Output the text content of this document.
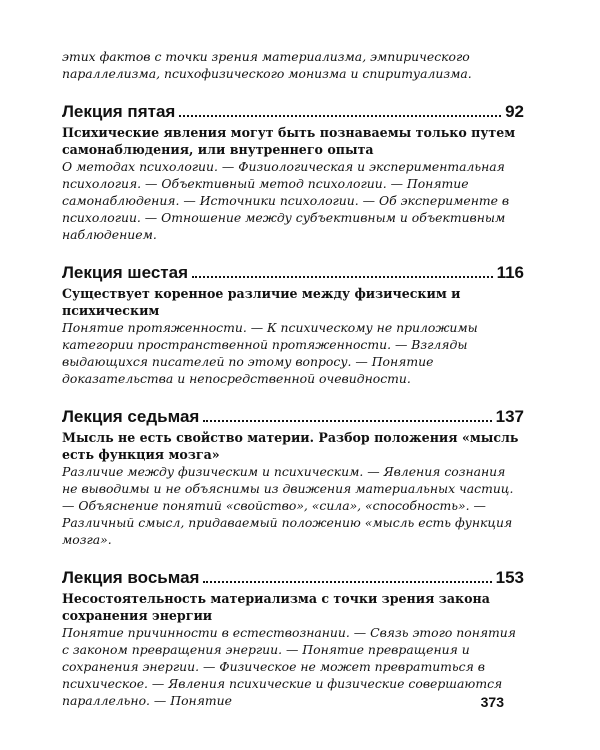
этих фактов с точки зрения материализма, эмпирического параллелизма, психофизического монизма и спиритуализма.

Лекция пятая	92

Психические явления могут быть познаваемы только путем самонаблюдения, или внутреннего опыта

О методах психологии. — Физиологическая и экспериментальная психология. — Объективный метод психологии. — Понятие самонаблюдения. — Источники психологии. — Об эксперименте в психологии. — Отношение между субъективным и объективным наблюдением.

Лекция шестая	116

Существует коренное различие между физическим и психическим

Понятие протяженности. — К психическому не приложимы категории пространственной протяженности. — Взгляды выдающихся писателей по этому вопросу. — Понятие доказательства и непосредственной очевидности.

Лекция седьмая	137

Мысль не есть свойство материи. Разбор положения «мысль есть функция мозга»

Различие между физическим и психическим. — Явления сознания не выводимы и не объяснимы из движения материальных частиц. — Объяснение понятий «свойство», «сила», «способность». — Различный смысл, придаваемый положению «мысль есть функция мозга».

Лекция восьмая	153

Несостоятельность материализма с точки зрения закона сохранения энергии

Понятие причинности в естествознании. — Связь этого понятия с законом превращения энергии. — Понятие превращения и сохранения энергии. — Физическое не может превратиться в психическое. — Явления психические и физические совершаются параллельно. — Понятие	373
